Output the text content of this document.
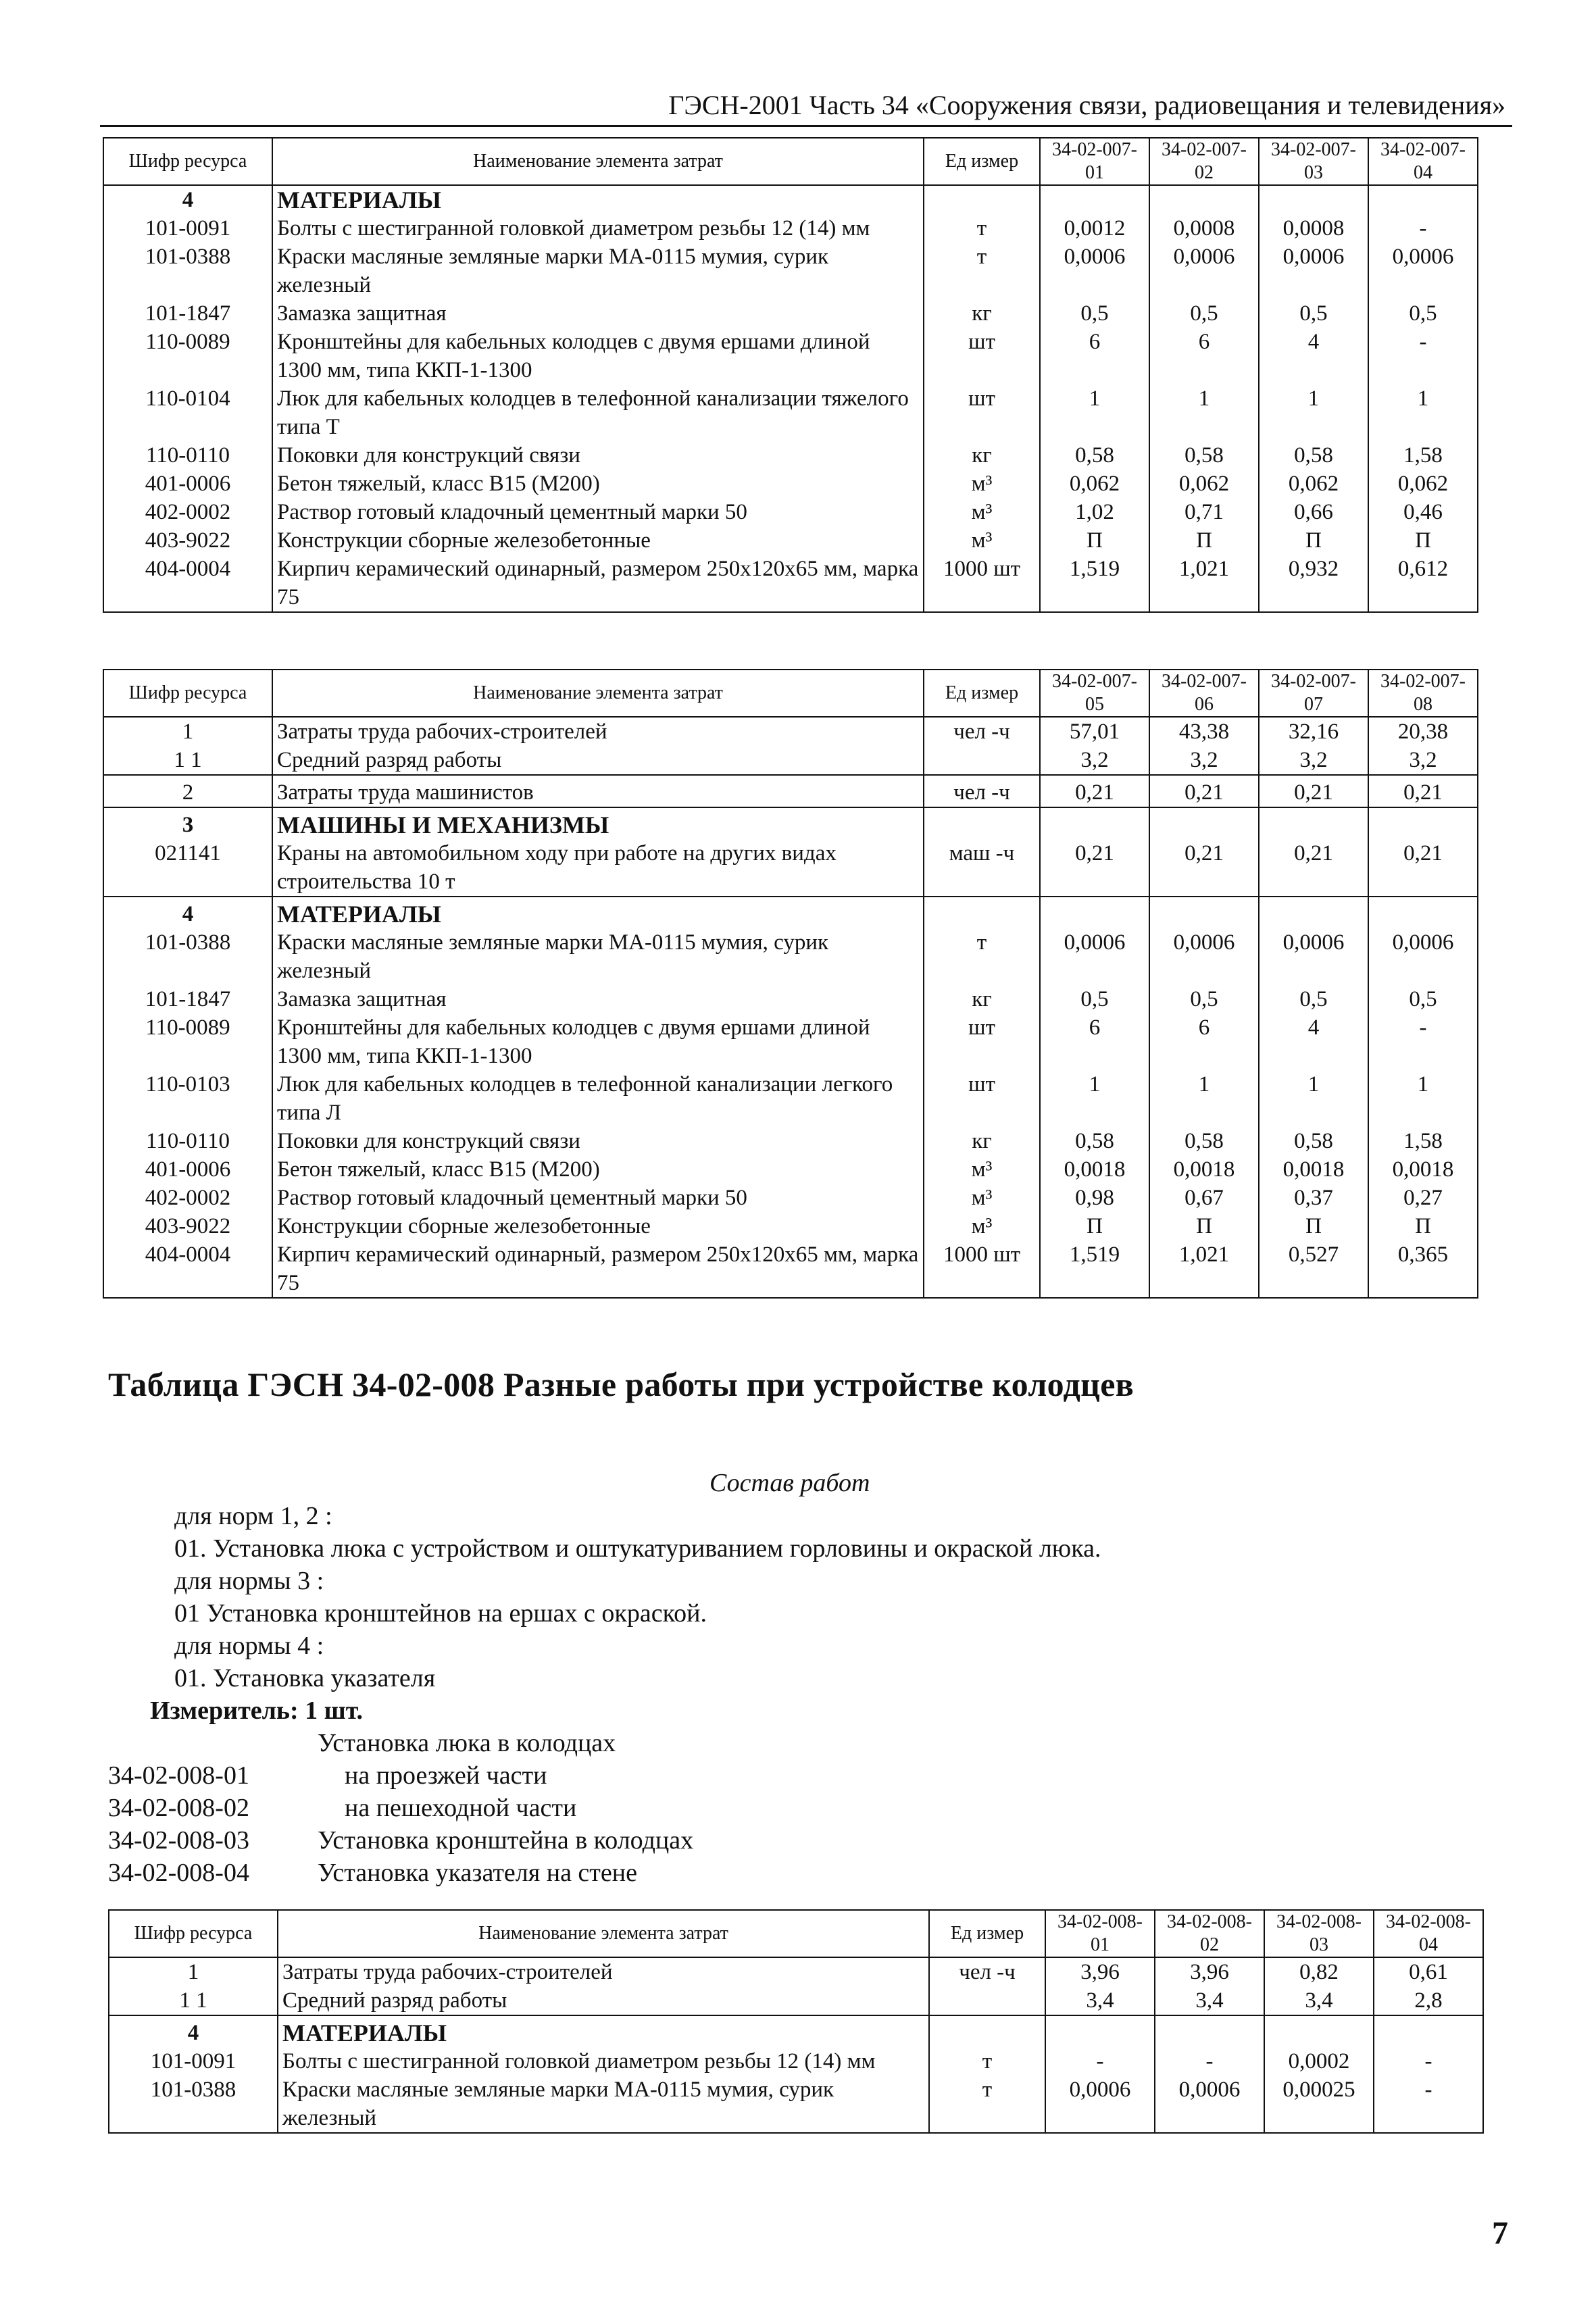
ГЭСН-2001 Часть 34 «Сооружения связи, радиовещания и телевидения»
Шифр ресурса	Наименование элемента затрат	Ед измер	34-02-007-01	34-02-007-02	34-02-007-03	34-02-007-04
4	МАТЕРИАЛЫ					
101-0091	Болты с шестигранной головкой диаметром резьбы 12 (14) мм	т	0,0012	0,0008	0,0008	-
101-0388	Краски масляные земляные марки МА-0115 мумия, сурик железный	т	0,0006	0,0006	0,0006	0,0006
101-1847	Замазка защитная	кг	0,5	0,5	0,5	0,5
110-0089	Кронштейны для кабельных колодцев с двумя ершами длиной 1300 мм, типа ККП-1-1300	шт	6	6	4	-
110-0104	Люк для кабельных колодцев в телефонной канализации тяжелого типа Т	шт	1	1	1	1
110-0110	Поковки для конструкций связи	кг	0,58	0,58	0,58	1,58
401-0006	Бетон тяжелый, класс В15 (М200)	м³	0,062	0,062	0,062	0,062
402-0002	Раствор готовый кладочный цементный марки 50	м³	1,02	0,71	0,66	0,46
403-9022	Конструкции сборные железобетонные	м³	П	П	П	П
404-0004	Кирпич керамический одинарный, размером 250х120х65 мм, марка 75	1000 шт	1,519	1,021	0,932	0,612
Шифр ресурса	Наименование элемента затрат	Ед измер	34-02-007-05	34-02-007-06	34-02-007-07	34-02-007-08
1	Затраты труда рабочих-строителей	чел -ч	57,01	43,38	32,16	20,38
1 1	Средний разряд работы		3,2	3,2	3,2	3,2
2	Затраты труда машинистов	чел -ч	0,21	0,21	0,21	0,21
3	МАШИНЫ И МЕХАНИЗМЫ					
021141	Краны на автомобильном ходу при работе на других видах строительства 10 т	маш -ч	0,21	0,21	0,21	0,21
4	МАТЕРИАЛЫ					
101-0388	Краски масляные земляные марки МА-0115 мумия, сурик железный	т	0,0006	0,0006	0,0006	0,0006
101-1847	Замазка защитная	кг	0,5	0,5	0,5	0,5
110-0089	Кронштейны для кабельных колодцев с двумя ершами длиной 1300 мм, типа ККП-1-1300	шт	6	6	4	-
110-0103	Люк для кабельных колодцев в телефонной канализации легкого типа Л	шт	1	1	1	1
110-0110	Поковки для конструкций связи	кг	0,58	0,58	0,58	1,58
401-0006	Бетон тяжелый, класс В15 (М200)	м³	0,0018	0,0018	0,0018	0,0018
402-0002	Раствор готовый кладочный цементный марки 50	м³	0,98	0,67	0,37	0,27
403-9022	Конструкции сборные железобетонные	м³	П	П	П	П
404-0004	Кирпич керамический одинарный, размером 250х120х65 мм, марка 75	1000 шт	1,519	1,021	0,527	0,365
Таблица ГЭСН 34-02-008 Разные работы при устройстве колодцев
Состав работ
для норм 1, 2 :
01. Установка люка с устройством и оштукатуриванием горловины и окраской люка.
для нормы 3 :
01 Установка кронштейнов на ершах с окраской.
для нормы 4 :
01. Установка указателя
Измеритель: 1 шт.
Установка люка в колодцах
34-02-008-01	на проезжей части
34-02-008-02	на пешеходной части
34-02-008-03	Установка кронштейна в колодцах
34-02-008-04	Установка указателя на стене
Шифр ресурса	Наименование элемента затрат	Ед измер	34-02-008-01	34-02-008-02	34-02-008-03	34-02-008-04
1	Затраты труда рабочих-строителей	чел -ч	3,96	3,96	0,82	0,61
1 1	Средний разряд работы		3,4	3,4	3,4	2,8
4	МАТЕРИАЛЫ					
101-0091	Болты с шестигранной головкой диаметром резьбы 12 (14) мм	т	-	-	0,0002	-
101-0388	Краски масляные земляные марки МА-0115 мумия, сурик железный	т	0,0006	0,0006	0,00025	-
7
